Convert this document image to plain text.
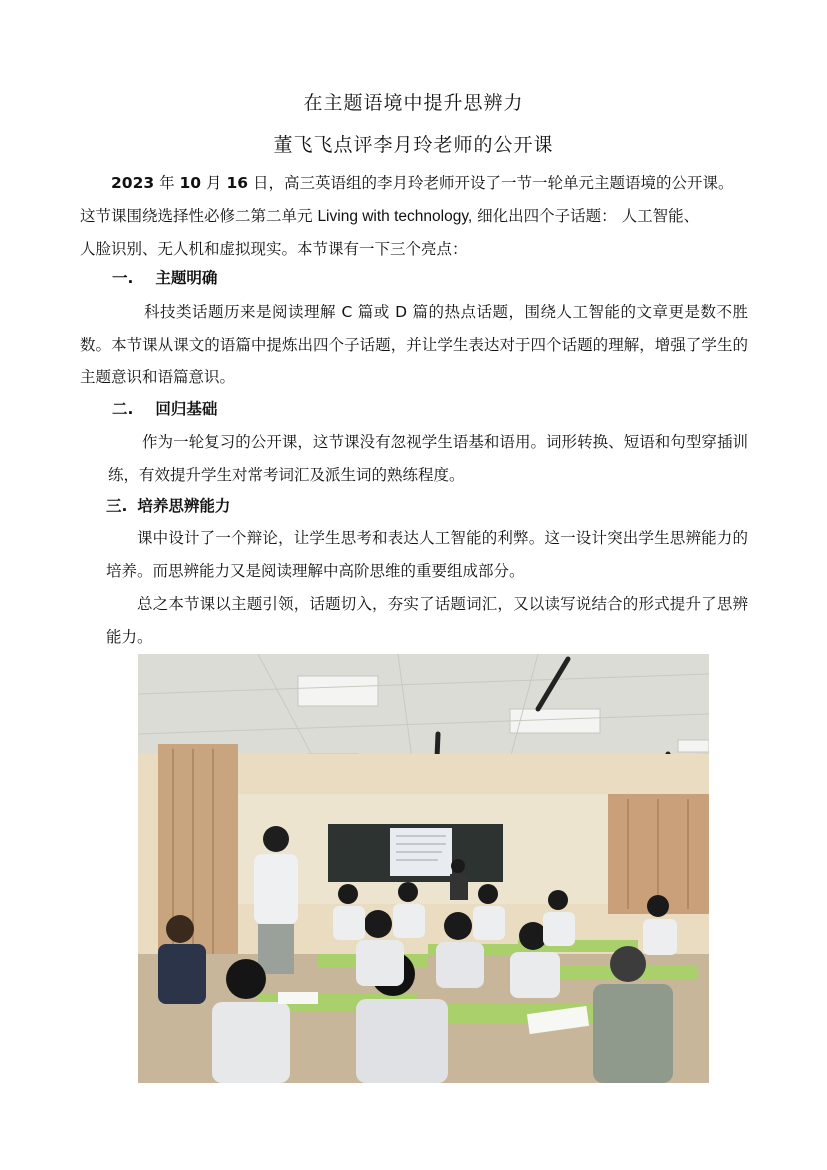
在主题语境中提升思辨力
董飞飞点评李月玲老师的公开课
2023 年 10 月 16 日，高三英语组的李月玲老师开设了一节一轮单元主题语境的公开课。
这节课围绕选择性必修二第二单元 Living with technology, 细化出四个子话题： 人工智能、
人脸识别、无人机和虚拟现实。本节课有一下三个亮点：
一. 主题明确
科技类话题历来是阅读理解 C 篇或 D 篇的热点话题，围绕人工智能的文章更是数不胜数。本节课从课文的语篇中提炼出四个子话题，并让学生表达对于四个话题的理解，增强了学生的主题意识和语篇意识。
二. 回归基础
作为一轮复习的公开课，这节课没有忽视学生语基和语用。词形转换、短语和句型穿插训练，有效提升学生对常考词汇及派生词的熟练程度。
三. 培养思辨能力
课中设计了一个辩论，让学生思考和表达人工智能的利弊。这一设计突出学生思辨能力的培养。而思辨能力又是阅读理解中高阶思维的重要组成部分。
总之本节课以主题引领，话题切入，夯实了话题词汇，又以读写说结合的形式提升了思辨能力。
